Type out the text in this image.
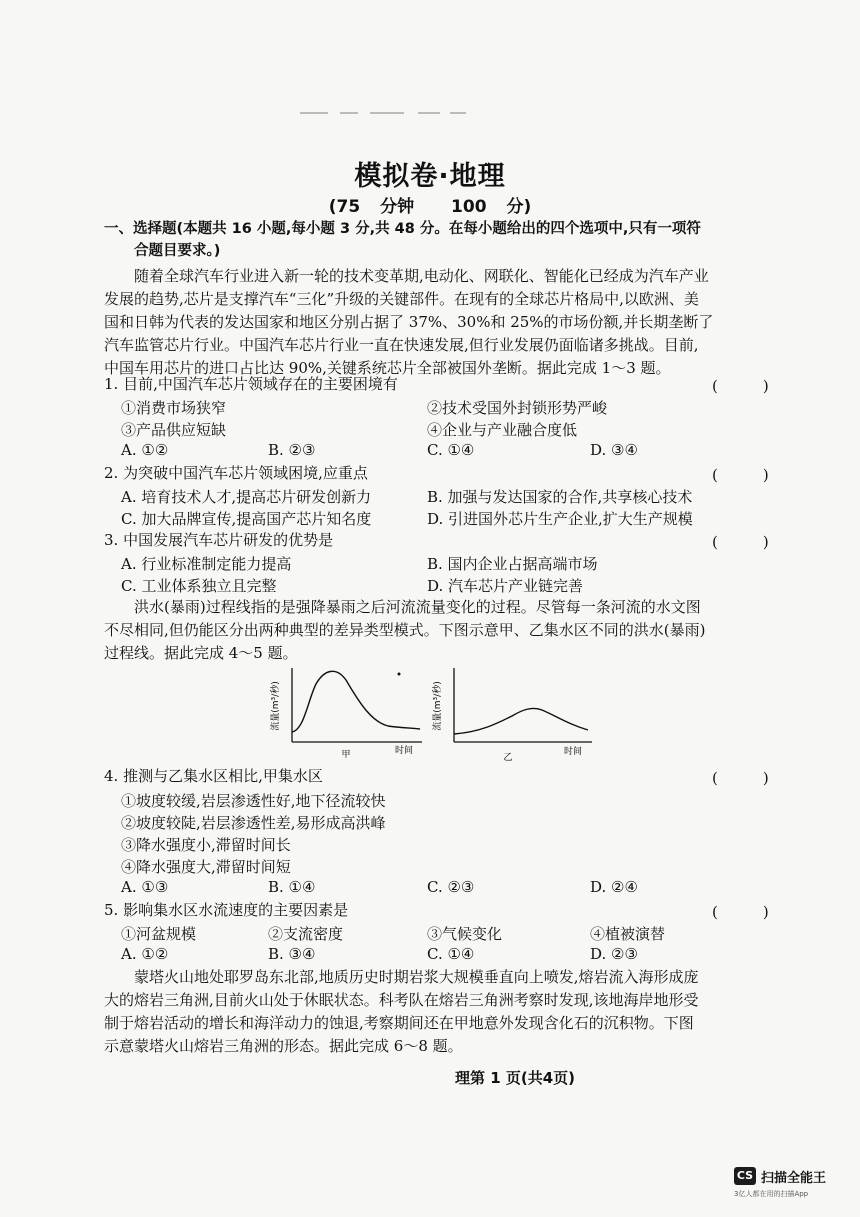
模拟卷·地理
(75 分钟　 100 分)
一、选择题(本题共 16 小题,每小题 3 分,共 48 分。在每小题给出的四个选项中,只有一项符
合题目要求。)
随着全球汽车行业进入新一轮的技术变革期,电动化、网联化、智能化已经成为汽车产业
发展的趋势,芯片是支撑汽车“三化”升级的关键部件。在现有的全球芯片格局中,以欧洲、美
国和日韩为代表的发达国家和地区分别占据了 37%、30%和 25%的市场份额,并长期垄断了
汽车监管芯片行业。中国汽车芯片行业一直在快速发展,但行业发展仍面临诸多挑战。目前,
中国车用芯片的进口占比达 90%,关键系统芯片全部被国外垄断。据此完成 1～3 题。
1. 目前,中国汽车芯片领域存在的主要困境有	(　　　)
①消费市场狭窄	②技术受国外封锁形势严峻
③产品供应短缺	④企业与产业融合度低
A. ①②	B. ②③	C. ①④	D. ③④
2. 为突破中国汽车芯片领域困境,应重点	(　　　)
A. 培育技术人才,提高芯片研发创新力	B. 加强与发达国家的合作,共享核心技术
C. 加大品牌宣传,提高国产芯片知名度	D. 引进国外芯片生产企业,扩大生产规模
3. 中国发展汽车芯片研发的优势是	(　　　)
A. 行业标准制定能力提高	B. 国内企业占据高端市场
C. 工业体系独立且完整	D. 汽车芯片产业链完善
洪水(暴雨)过程线指的是强降暴雨之后河流流量变化的过程。尽管每一条河流的水文图
不尽相同,但仍能区分出两种典型的差异类型模式。下图示意甲、乙集水区不同的洪水(暴雨)
过程线。据此完成 4～5 题。
流量(m³/秒)
甲	时间
流量(m³/秒)
乙
时间
4. 推测与乙集水区相比,甲集水区	(　　　)
①坡度较缓,岩层渗透性好,地下径流较快
②坡度较陡,岩层渗透性差,易形成高洪峰
③降水强度小,滞留时间长
④降水强度大,滞留时间短
A. ①③	B. ①④	C. ②③	D. ②④
5. 影响集水区水流速度的主要因素是	(　　　)
①河盆规模	②支流密度	③气候变化	④植被演替
A. ①②	B. ③④	C. ①④	D. ②③
蒙塔火山地处耶罗岛东北部,地质历史时期岩浆大规模垂直向上喷发,熔岩流入海形成庞
大的熔岩三角洲,目前火山处于休眠状态。科考队在熔岩三角洲考察时发现,该地海岸地形受
制于熔岩活动的增长和海洋动力的蚀退,考察期间还在甲地意外发现含化石的沉积物。下图
示意蒙塔火山熔岩三角洲的形态。据此完成 6～8 题。
理第 1 页(共4页)
CS 扫描全能王
3亿人都在用的扫描App
